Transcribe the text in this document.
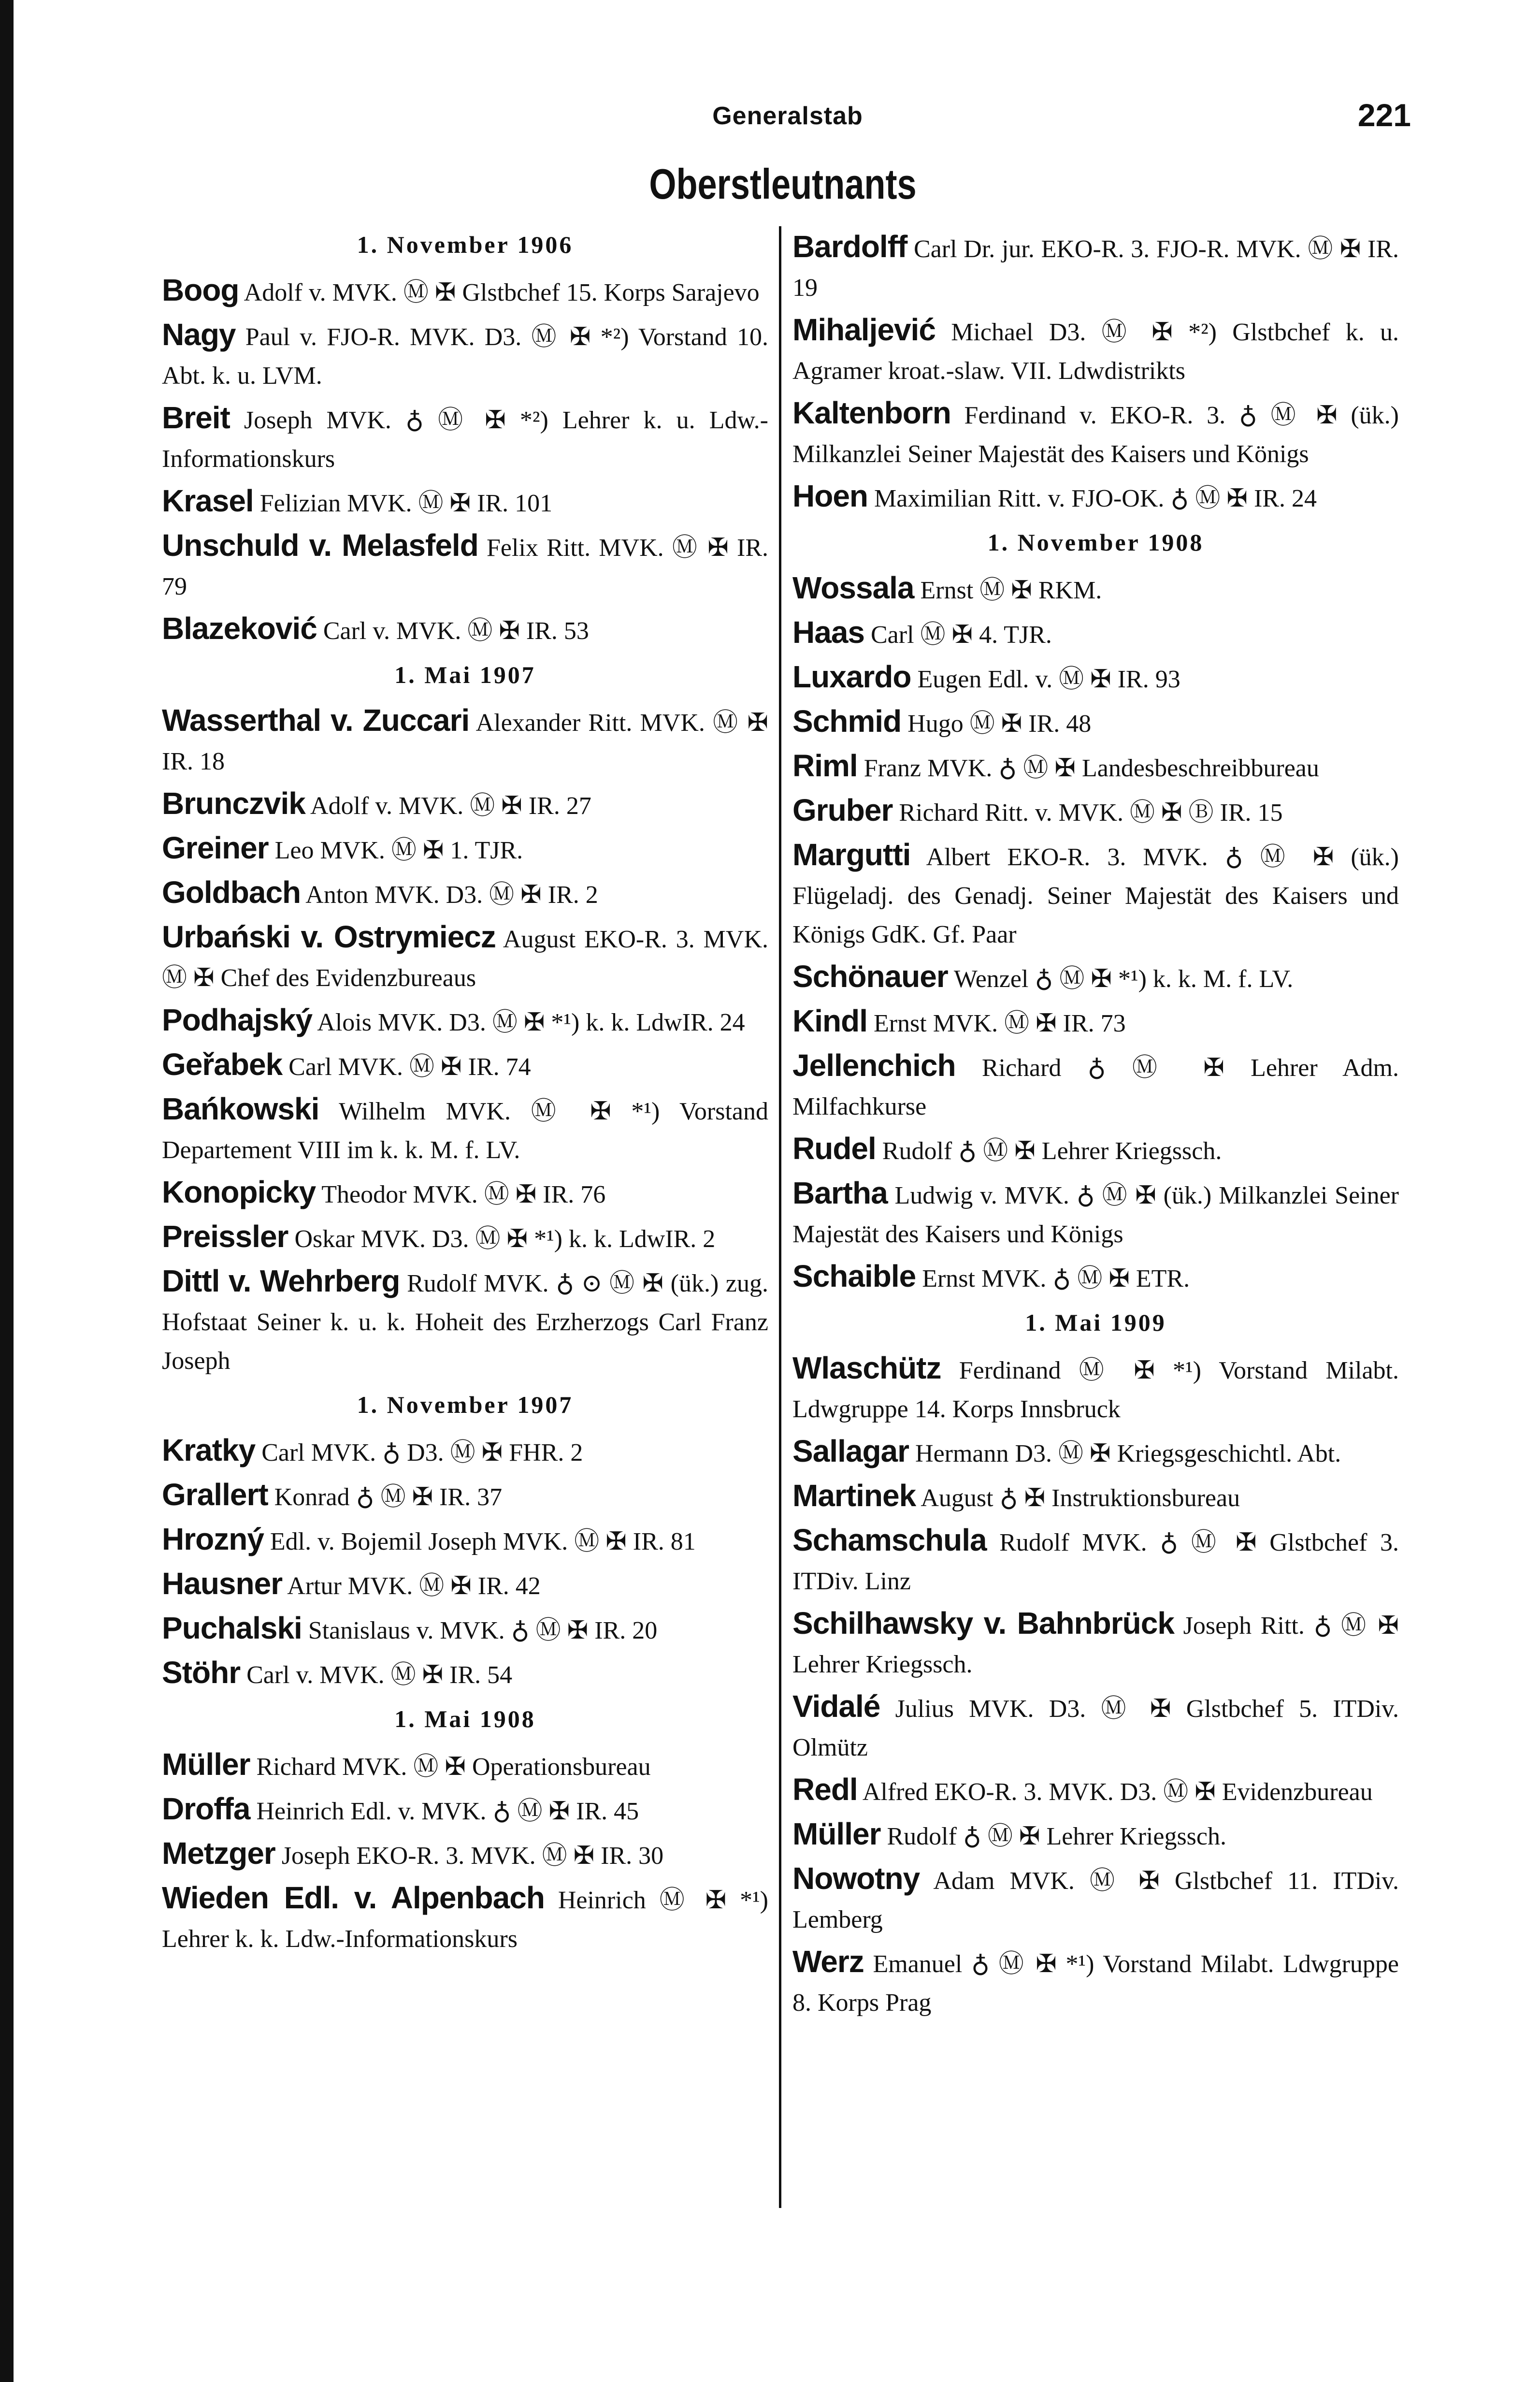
Generalstab	221
Oberstleutnants
1. November 1906
Boog Adolf v. MVK. Ⓜ ✠ Glstbchef 15. Korps Sarajevo
Nagy Paul v. FJO-R. MVK. D3. Ⓜ ✠ *²) Vorstand 10. Abt. k. u. LVM.
Breit Joseph MVK. ♁ Ⓜ ✠ *²) Lehrer k. u. Ldw.-Informationskurs
Krasel Felizian MVK. Ⓜ ✠ IR. 101
Unschuld v. Melasfeld Felix Ritt. MVK. Ⓜ ✠ IR. 79
Blazeković Carl v. MVK. Ⓜ ✠ IR. 53
1. Mai 1907
Wasserthal v. Zuccari Alexander Ritt. MVK. Ⓜ ✠ IR. 18
Brunczvik Adolf v. MVK. Ⓜ ✠ IR. 27
Greiner Leo MVK. Ⓜ ✠ 1. TJR.
Goldbach Anton MVK. D3. Ⓜ ✠ IR. 2
Urbański v. Ostrymiecz August EKO-R. 3. MVK. Ⓜ ✠ Chef des Evidenzbureaus
Podhajský Alois MVK. D3. Ⓜ ✠ *¹) k. k. LdwIR. 24
Geřabek Carl MVK. Ⓜ ✠ IR. 74
Bańkowski Wilhelm MVK. Ⓜ ✠ *¹) Vorstand Departement VIII im k. k. M. f. LV.
Konopicky Theodor MVK. Ⓜ ✠ IR. 76
Preissler Oskar MVK. D3. Ⓜ ✠ *¹) k. k. LdwIR. 2
Dittl v. Wehrberg Rudolf MVK. ♁ ⊙ Ⓜ ✠ (ük.) zug. Hofstaat Seiner k. u. k. Hoheit des Erzherzogs Carl Franz Joseph
1. November 1907
Kratky Carl MVK. ♁ D3. Ⓜ ✠ FHR. 2
Grallert Konrad ♁ Ⓜ ✠ IR. 37
Hrozný Edl. v. Bojemil Joseph MVK. Ⓜ ✠ IR. 81
Hausner Artur MVK. Ⓜ ✠ IR. 42
Puchalski Stanislaus v. MVK. ♁ Ⓜ ✠ IR. 20
Stöhr Carl v. MVK. Ⓜ ✠ IR. 54
1. Mai 1908
Müller Richard MVK. Ⓜ ✠ Operationsbureau
Droffa Heinrich Edl. v. MVK. ♁ Ⓜ ✠ IR. 45
Metzger Joseph EKO-R. 3. MVK. Ⓜ ✠ IR. 30
Wieden Edl. v. Alpenbach Heinrich Ⓜ ✠ *¹) Lehrer k. k. Ldw.-Informationskurs
Bardolff Carl Dr. jur. EKO-R. 3. FJO-R. MVK. Ⓜ ✠ IR. 19
Mihaljević Michael D3. Ⓜ ✠ *²) Glstbchef k. u. Agramer kroat.-slaw. VII. Ldwdistrikts
Kaltenborn Ferdinand v. EKO-R. 3. ♁ Ⓜ ✠ (ük.) Milkanzlei Seiner Majestät des Kaisers und Königs
Hoen Maximilian Ritt. v. FJO-OK. ♁ Ⓜ ✠ IR. 24
1. November 1908
Wossala Ernst Ⓜ ✠ RKM.
Haas Carl Ⓜ ✠ 4. TJR.
Luxardo Eugen Edl. v. Ⓜ ✠ IR. 93
Schmid Hugo Ⓜ ✠ IR. 48
Riml Franz MVK. ♁ Ⓜ ✠ Landesbeschreibbureau
Gruber Richard Ritt. v. MVK. Ⓜ ✠ Ⓑ IR. 15
Margutti Albert EKO-R. 3. MVK. ♁ Ⓜ ✠ (ük.) Flügeladj. des Genadj. Seiner Majestät des Kaisers und Königs GdK. Gf. Paar
Schönauer Wenzel ♁ Ⓜ ✠ *¹) k. k. M. f. LV.
Kindl Ernst MVK. Ⓜ ✠ IR. 73
Jellenchich Richard ♁ Ⓜ ✠ Lehrer Adm. Milfachkurse
Rudel Rudolf ♁ Ⓜ ✠ Lehrer Kriegssch.
Bartha Ludwig v. MVK. ♁ Ⓜ ✠ (ük.) Milkanzlei Seiner Majestät des Kaisers und Königs
Schaible Ernst MVK. ♁ Ⓜ ✠ ETR.
1. Mai 1909
Wlaschütz Ferdinand Ⓜ ✠ *¹) Vorstand Milabt. Ldwgruppe 14. Korps Innsbruck
Sallagar Hermann D3. Ⓜ ✠ Kriegsgeschichtl. Abt.
Martinek August ♁ ✠ Instruktionsbureau
Schamschula Rudolf MVK. ♁ Ⓜ ✠ Glstbchef 3. ITDiv. Linz
Schilhawsky v. Bahnbrück Joseph Ritt. ♁ Ⓜ ✠ Lehrer Kriegssch.
Vidalé Julius MVK. D3. Ⓜ ✠ Glstbchef 5. ITDiv. Olmütz
Redl Alfred EKO-R. 3. MVK. D3. Ⓜ ✠ Evidenzbureau
Müller Rudolf ♁ Ⓜ ✠ Lehrer Kriegssch.
Nowotny Adam MVK. Ⓜ ✠ Glstbchef 11. ITDiv. Lemberg
Werz Emanuel ♁ Ⓜ ✠ *¹) Vorstand Milabt. Ldwgruppe 8. Korps Prag
